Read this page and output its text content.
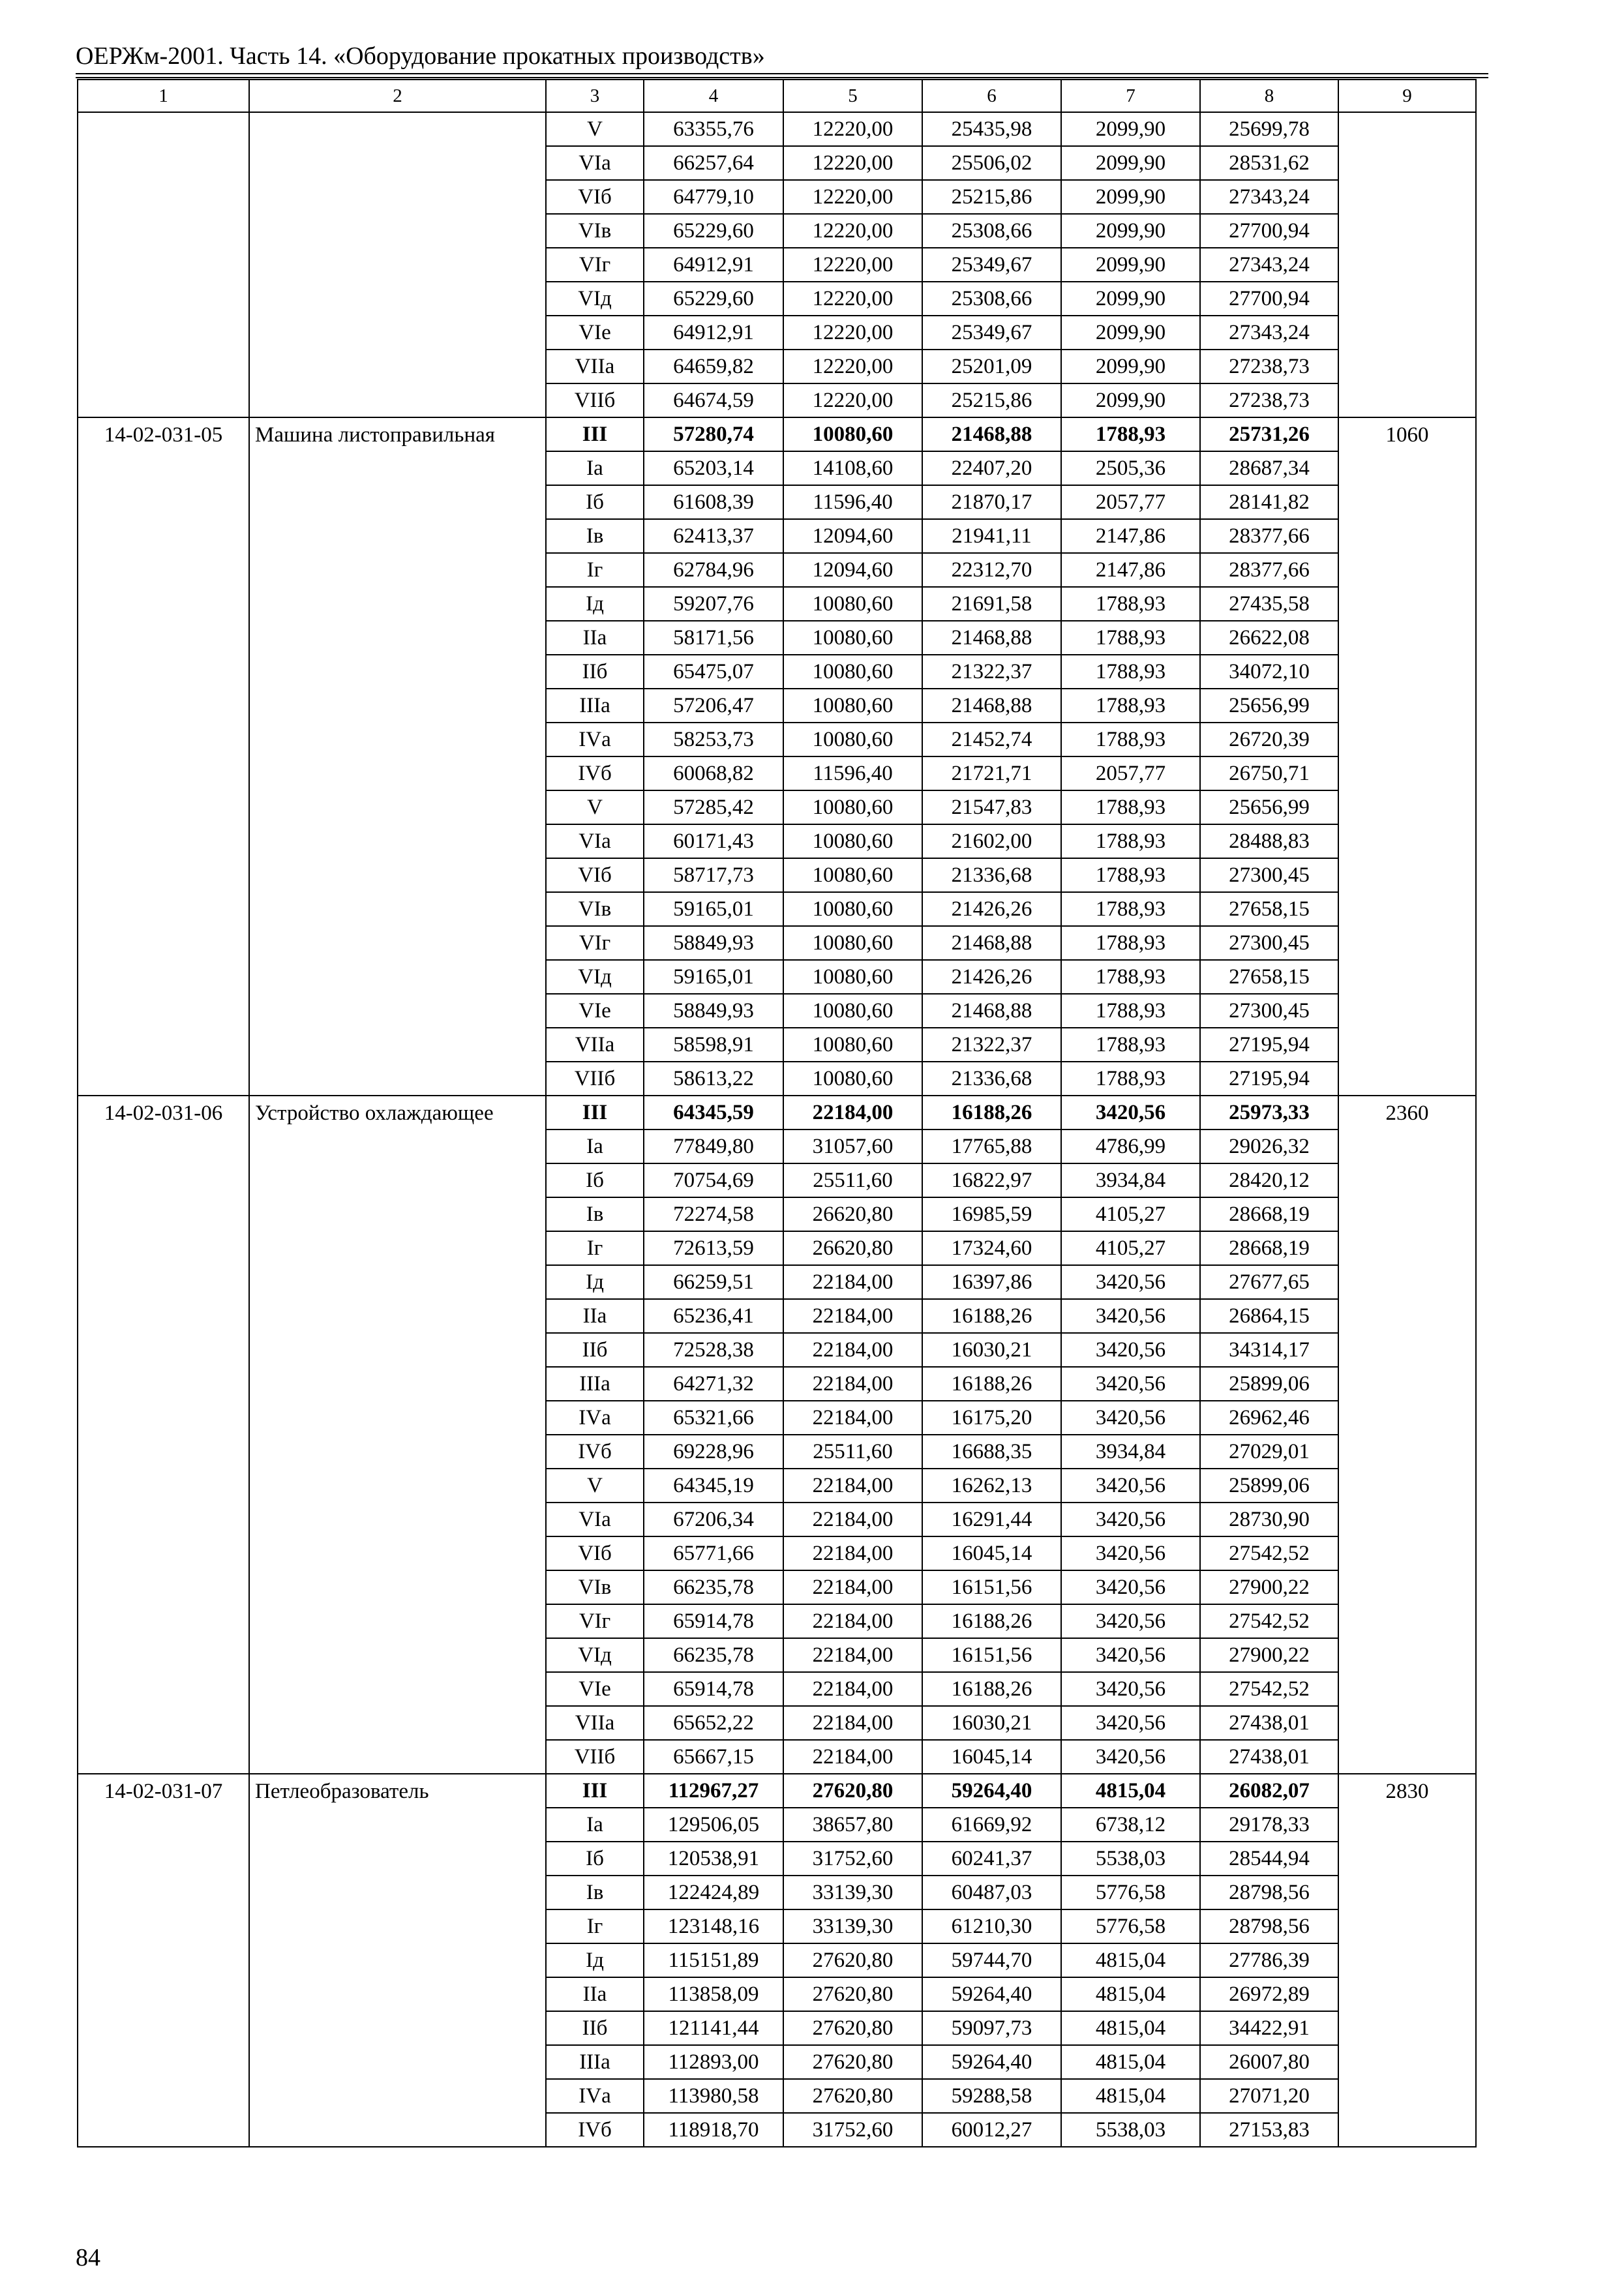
ОЕРЖм-2001. Часть 14. «Оборудование прокатных производств»
1	2	3	4	5	6	7	8	9
		V	63355,76	12220,00	25435,98	2099,90	25699,78	
		VIа	66257,64	12220,00	25506,02	2099,90	28531,62	
		VIб	64779,10	12220,00	25215,86	2099,90	27343,24	
		VIв	65229,60	12220,00	25308,66	2099,90	27700,94	
		VIг	64912,91	12220,00	25349,67	2099,90	27343,24	
		VIд	65229,60	12220,00	25308,66	2099,90	27700,94	
		VIе	64912,91	12220,00	25349,67	2099,90	27343,24	
		VIIа	64659,82	12220,00	25201,09	2099,90	27238,73	
		VIIб	64674,59	12220,00	25215,86	2099,90	27238,73	
14-02-031-05	Машина листоправильная	III	57280,74	10080,60	21468,88	1788,93	25731,26	1060
		Iа	65203,14	14108,60	22407,20	2505,36	28687,34	
		Iб	61608,39	11596,40	21870,17	2057,77	28141,82	
		Iв	62413,37	12094,60	21941,11	2147,86	28377,66	
		Iг	62784,96	12094,60	22312,70	2147,86	28377,66	
		Iд	59207,76	10080,60	21691,58	1788,93	27435,58	
		IIа	58171,56	10080,60	21468,88	1788,93	26622,08	
		IIб	65475,07	10080,60	21322,37	1788,93	34072,10	
		IIIа	57206,47	10080,60	21468,88	1788,93	25656,99	
		IVа	58253,73	10080,60	21452,74	1788,93	26720,39	
		IVб	60068,82	11596,40	21721,71	2057,77	26750,71	
		V	57285,42	10080,60	21547,83	1788,93	25656,99	
		VIа	60171,43	10080,60	21602,00	1788,93	28488,83	
		VIб	58717,73	10080,60	21336,68	1788,93	27300,45	
		VIв	59165,01	10080,60	21426,26	1788,93	27658,15	
		VIг	58849,93	10080,60	21468,88	1788,93	27300,45	
		VIд	59165,01	10080,60	21426,26	1788,93	27658,15	
		VIе	58849,93	10080,60	21468,88	1788,93	27300,45	
		VIIа	58598,91	10080,60	21322,37	1788,93	27195,94	
		VIIб	58613,22	10080,60	21336,68	1788,93	27195,94	
14-02-031-06	Устройство охлаждающее	III	64345,59	22184,00	16188,26	3420,56	25973,33	2360
		Iа	77849,80	31057,60	17765,88	4786,99	29026,32	
		Iб	70754,69	25511,60	16822,97	3934,84	28420,12	
		Iв	72274,58	26620,80	16985,59	4105,27	28668,19	
		Iг	72613,59	26620,80	17324,60	4105,27	28668,19	
		Iд	66259,51	22184,00	16397,86	3420,56	27677,65	
		IIа	65236,41	22184,00	16188,26	3420,56	26864,15	
		IIб	72528,38	22184,00	16030,21	3420,56	34314,17	
		IIIа	64271,32	22184,00	16188,26	3420,56	25899,06	
		IVа	65321,66	22184,00	16175,20	3420,56	26962,46	
		IVб	69228,96	25511,60	16688,35	3934,84	27029,01	
		V	64345,19	22184,00	16262,13	3420,56	25899,06	
		VIа	67206,34	22184,00	16291,44	3420,56	28730,90	
		VIб	65771,66	22184,00	16045,14	3420,56	27542,52	
		VIв	66235,78	22184,00	16151,56	3420,56	27900,22	
		VIг	65914,78	22184,00	16188,26	3420,56	27542,52	
		VIд	66235,78	22184,00	16151,56	3420,56	27900,22	
		VIе	65914,78	22184,00	16188,26	3420,56	27542,52	
		VIIа	65652,22	22184,00	16030,21	3420,56	27438,01	
		VIIб	65667,15	22184,00	16045,14	3420,56	27438,01	
14-02-031-07	Петлеобразователь	III	112967,27	27620,80	59264,40	4815,04	26082,07	2830
		Iа	129506,05	38657,80	61669,92	6738,12	29178,33	
		Iб	120538,91	31752,60	60241,37	5538,03	28544,94	
		Iв	122424,89	33139,30	60487,03	5776,58	28798,56	
		Iг	123148,16	33139,30	61210,30	5776,58	28798,56	
		Iд	115151,89	27620,80	59744,70	4815,04	27786,39	
		IIа	113858,09	27620,80	59264,40	4815,04	26972,89	
		IIб	121141,44	27620,80	59097,73	4815,04	34422,91	
		IIIа	112893,00	27620,80	59264,40	4815,04	26007,80	
		IVа	113980,58	27620,80	59288,58	4815,04	27071,20	
		IVб	118918,70	31752,60	60012,27	5538,03	27153,83	
84
